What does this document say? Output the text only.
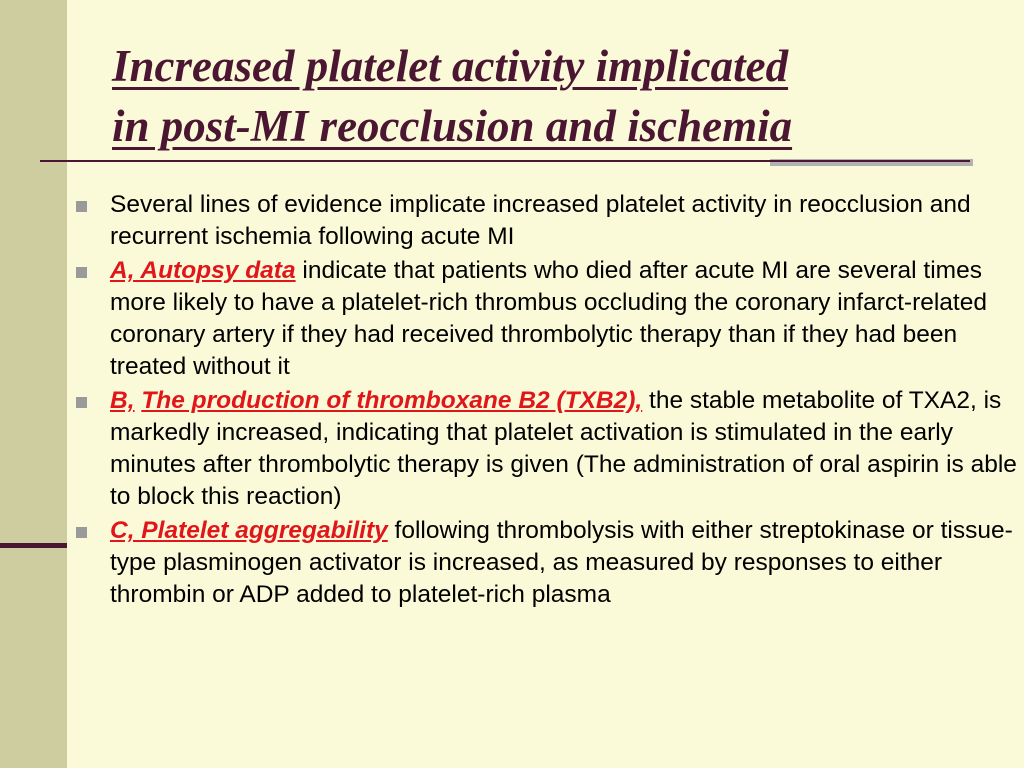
Increased platelet activity implicated
in post-MI reocclusion and ischemia
Several lines of evidence implicate increased platelet activity in reocclusion and recurrent ischemia following acute MI
A, Autopsy data indicate that patients who died after acute MI are several times more likely to have a platelet-rich thrombus occluding the coronary infarct-related coronary artery if they had received thrombolytic therapy than if they had been treated without it
B, The production of thromboxane B2 (TXB2), the stable metabolite of TXA2, is markedly increased, indicating that platelet activation is stimulated in the early minutes after thrombolytic therapy is given (The administration of oral aspirin is able to block this reaction)
C, Platelet aggregability following thrombolysis with either streptokinase or tissue-type plasminogen activator is increased, as measured by responses to either thrombin or ADP added to platelet-rich plasma
